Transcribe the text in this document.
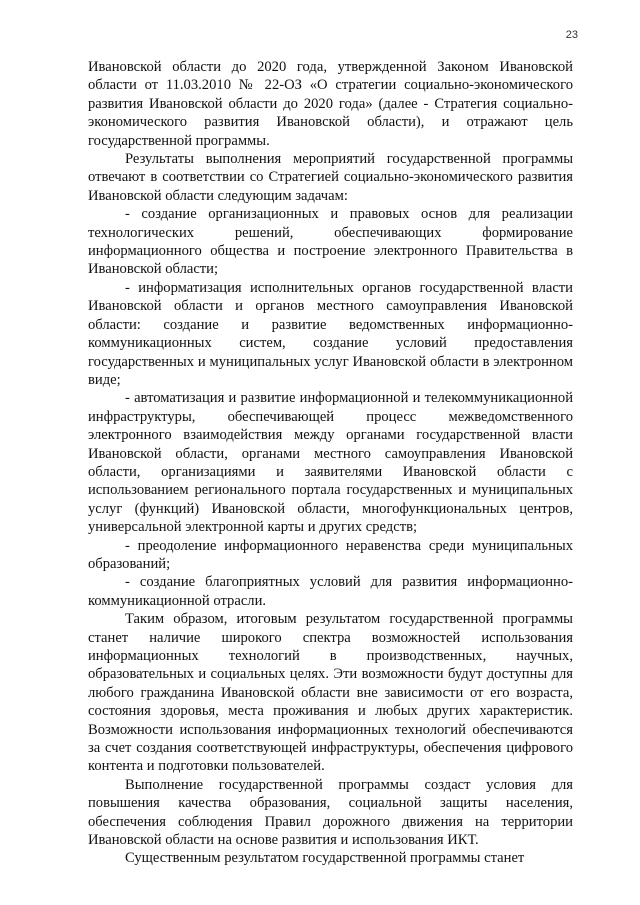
23

Ивановской области до 2020 года, утвержденной Законом Ивановской области от 11.03.2010 № 22-ОЗ «О стратегии социально-экономического развития Ивановской области до 2020 года» (далее - Стратегия социально-экономического развития Ивановской области), и отражают цель государственной программы.

Результаты выполнения мероприятий государственной программы отвечают в соответствии со Стратегией социально-экономического развития Ивановской области следующим задачам:

- создание организационных и правовых основ для реализации технологических решений, обеспечивающих формирование информационного общества и построение электронного Правительства в Ивановской области;

- информатизация исполнительных органов государственной власти Ивановской области и органов местного самоуправления Ивановской области: создание и развитие ведомственных информационно-коммуникационных систем, создание условий предоставления государственных и муниципальных услуг Ивановской области в электронном виде;

- автоматизация и развитие информационной и телекоммуникационной инфраструктуры, обеспечивающей процесс межведомственного электронного взаимодействия между органами государственной власти Ивановской области, органами местного самоуправления Ивановской области, организациями и заявителями Ивановской области с использованием регионального портала государственных и муниципальных услуг (функций) Ивановской области, многофункциональных центров, универсальной электронной карты и других средств;

- преодоление информационного неравенства среди муниципальных образований;

- создание благоприятных условий для развития информационно-коммуникационной отрасли.

Таким образом, итоговым результатом государственной программы станет наличие широкого спектра возможностей использования информационных технологий в производственных, научных, образовательных и социальных целях. Эти возможности будут доступны для любого гражданина Ивановской области вне зависимости от его возраста, состояния здоровья, места проживания и любых других характеристик. Возможности использования информационных технологий обеспечиваются за счет создания соответствующей инфраструктуры, обеспечения цифрового контента и подготовки пользователей.

Выполнение государственной программы создаст условия для повышения качества образования, социальной защиты населения, обеспечения соблюдения Правил дорожного движения на территории Ивановской области на основе развития и использования ИКТ.

Существенным результатом государственной программы станет
